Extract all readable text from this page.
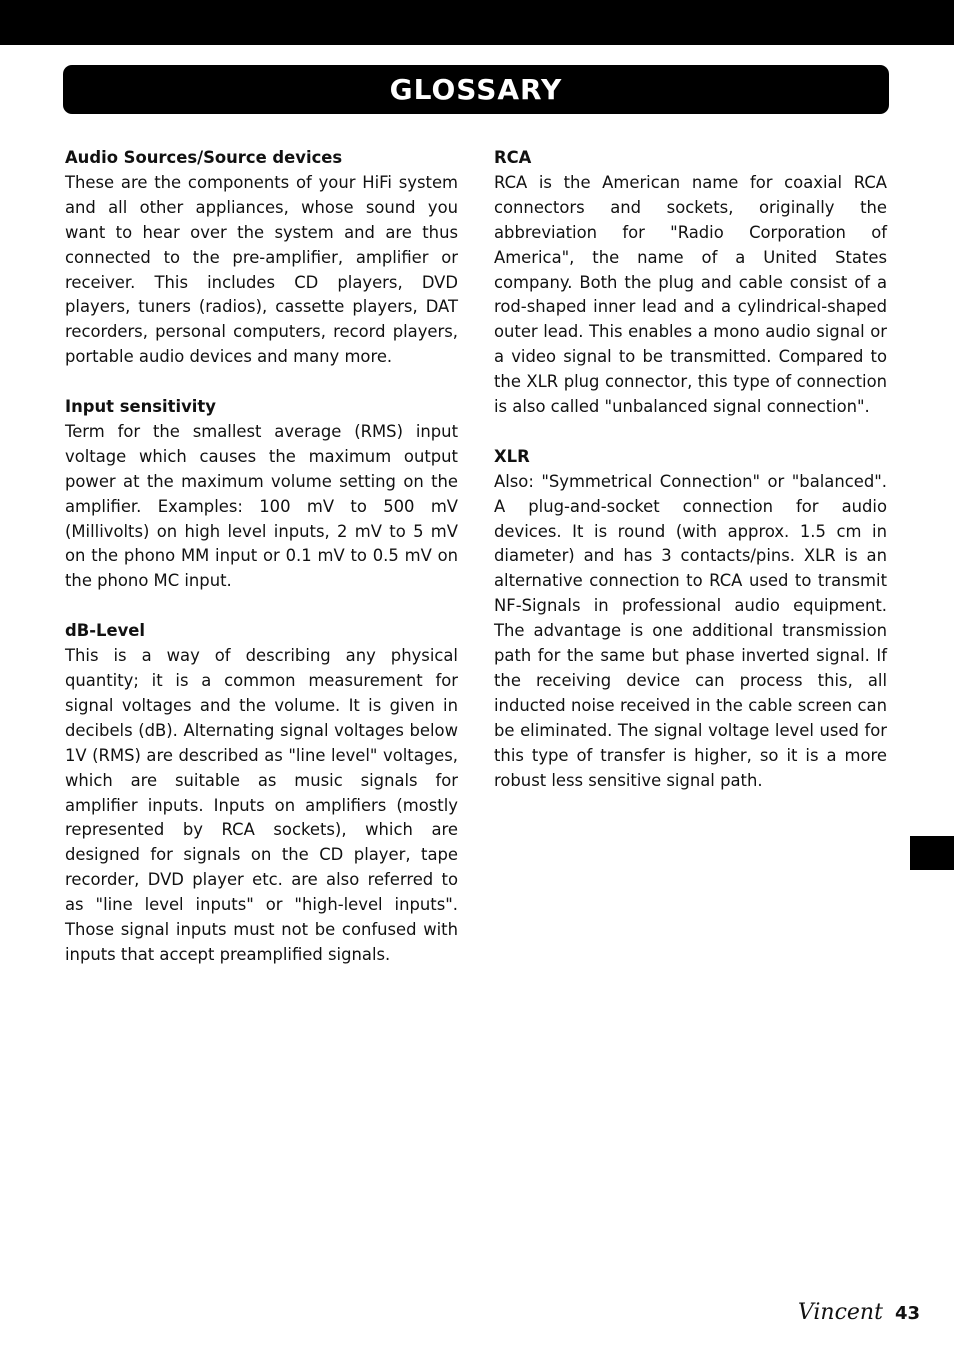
GLOSSARY
Audio Sources/Source devices

These are the components of your HiFi system and all other appliances, whose sound you want to hear over the system and are thus connected to the pre-amplifier, amplifier or receiver. This includes CD players, DVD players, tuners (radios), cassette players, DAT recorders, personal computers, record players, portable audio devices and many more.

Input sensitivity

Term for the smallest average (RMS) input voltage which causes the maximum output power at the maximum volume setting on the amplifier. Examples: 100 mV to 500 mV (Millivolts) on high level inputs, 2 mV to 5 mV on the phono MM input or 0.1 mV to 0.5 mV on the phono MC input.

dB-Level

This is a way of describing any physical quantity; it is a common measurement for signal voltages and the volume. It is given in decibels (dB). Alternating signal voltages below 1V (RMS) are described as "line level" voltages, which are suitable as music signals for amplifier inputs. Inputs on amplifiers (mostly represented by RCA sockets), which are designed for signals on the CD player, tape recorder, DVD player etc. are also referred to as "line level inputs" or "high-level inputs". Those signal inputs must not be confused with inputs that accept preamplified signals.

RCA

RCA is the American name for coaxial RCA connectors and sockets, originally the abbreviation for "Radio Corporation of America", the name of a United States company. Both the plug and cable consist of a rod-shaped inner lead and a cylindrical-shaped outer lead. This enables a mono audio signal or a video signal to be transmitted. Compared to the XLR plug connector, this type of connection is also called "unbalanced signal connection".

XLR

Also: "Symmetrical Connection" or "balanced". A plug-and-socket connection for audio devices. It is round (with approx. 1.5 cm in diameter) and has 3 contacts/pins. XLR is an alternative connection to RCA used to transmit NF-Signals in professional audio equipment. The advantage is one additional transmission path for the same but phase inverted signal. If the receiving device can process this, all inducted noise received in the cable screen can be eliminated. The signal voltage level used for this type of transfer is higher, so it is a more robust less sensitive signal path.

Vincent 43
